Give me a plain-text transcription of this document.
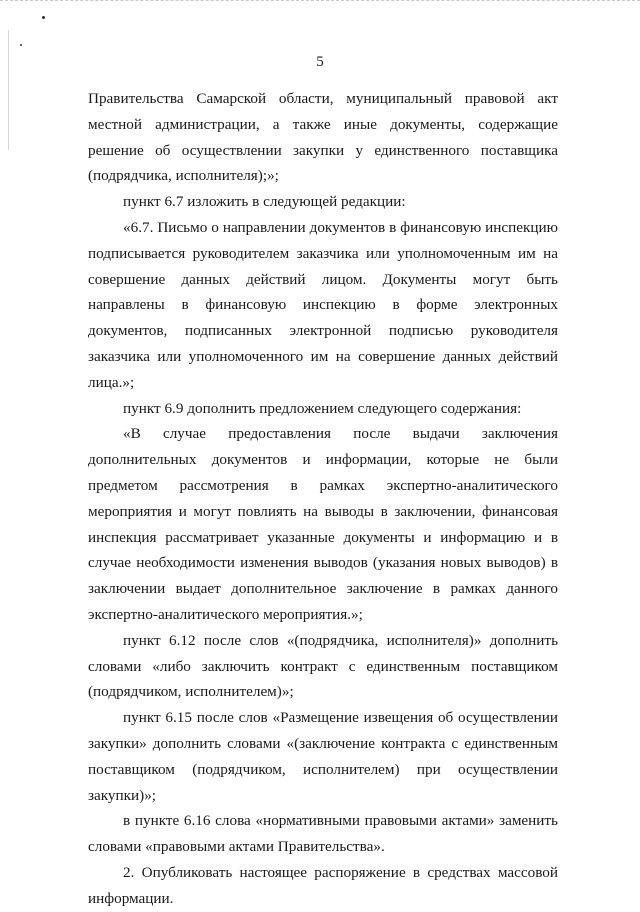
5

Правительства Самарской области, муниципальный правовой акт местной администрации, а также иные документы, содержащие решение об осуществлении закупки у единственного поставщика (подрядчика, исполнителя);»;

пункт 6.7 изложить в следующей редакции:

«6.7. Письмо о направлении документов в финансовую инспекцию подписывается руководителем заказчика или уполномоченным им на совершение данных действий лицом. Документы могут быть направлены в финансовую инспекцию в форме электронных документов, подписанных электронной подписью руководителя заказчика или уполномоченного им на совершение данных действий лица.»;

пункт 6.9 дополнить предложением следующего содержания:

«В случае предоставления после выдачи заключения дополнительных документов и информации, которые не были предметом рассмотрения в рамках экспертно-аналитического мероприятия и могут повлиять на выводы в заключении, финансовая инспекция рассматривает указанные документы и информацию и в случае необходимости изменения выводов (указания новых выводов) в заключении выдает дополнительное заключение в рамках данного экспертно-аналитического мероприятия.»;

пункт 6.12 после слов «(подрядчика, исполнителя)» дополнить словами «либо заключить контракт с единственным поставщиком (подрядчиком, исполнителем)»;

пункт 6.15 после слов «Размещение извещения об осуществлении закупки» дополнить словами «(заключение контракта с единственным поставщиком (подрядчиком, исполнителем) при осуществлении закупки)»;

в пункте 6.16 слова «нормативными правовыми актами» заменить словами «правовыми актами Правительства».

2. Опубликовать настоящее распоряжение в средствах массовой информации.
